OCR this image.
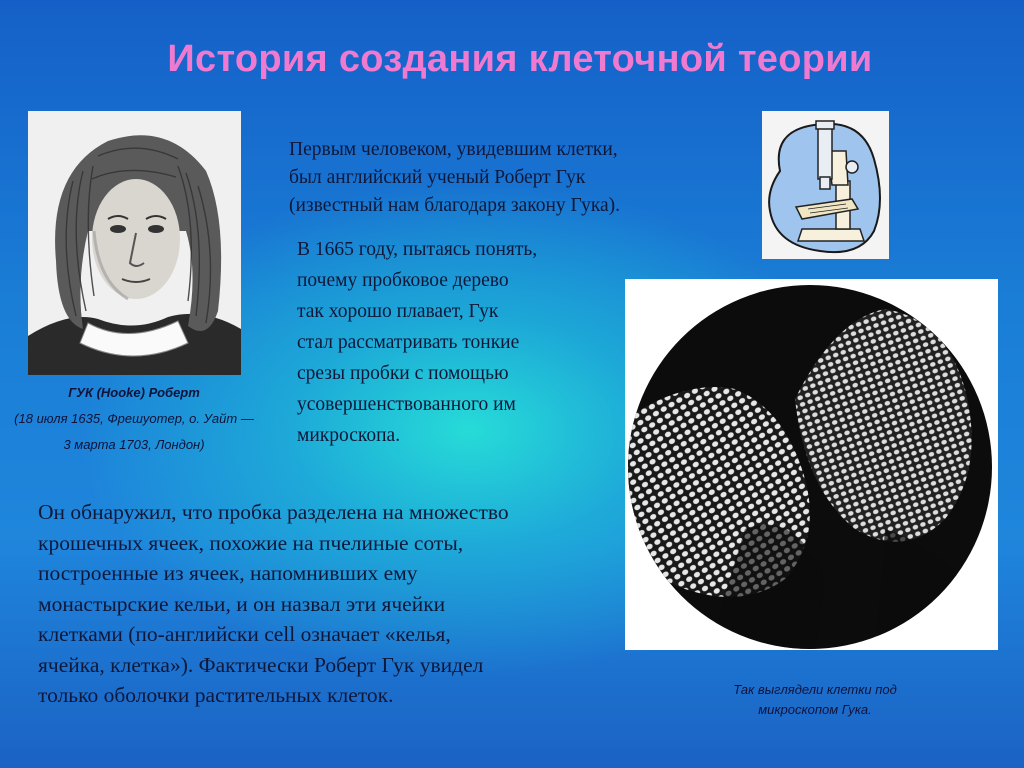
История создания клеточной теории
ГУК (Hooke) Роберт
(18 июля 1635, Фрешуотер, о. Уайт —
3 марта 1703, Лондон)
Первым человеком, увидевшим клетки,
был английский ученый Роберт Гук
(известный нам благодаря закону Гука).
В 1665 году, пытаясь понять,
почему пробковое дерево
так хорошо плавает, Гук
стал рассматривать тонкие
срезы пробки с помощью
усовершенствованного им
микроскопа.
Он обнаружил, что пробка разделена на множество
крошечных ячеек, похожие на пчелиные соты,
построенные из ячеек, напомнивших ему
монастырские кельи, и он назвал эти ячейки
клетками (по-английски cell означает «келья,
ячейка, клетка»). Фактически Роберт Гук увидел
только оболочки растительных клеток.	Так выглядели клетки под
микроскопом Гука.
